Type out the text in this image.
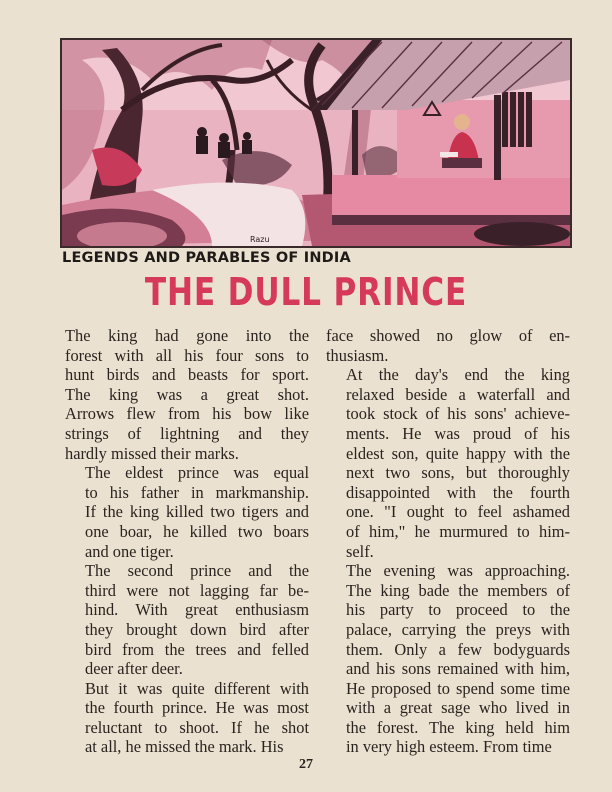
Razu
LEGENDS AND PARABLES OF INDIA
THE DULL PRINCE

The king had gone into the
forest with all his four sons to
hunt birds and beasts for sport.
The king was a great shot.
Arrows flew from his bow like
strings of lightning and they
hardly missed their marks.

The eldest prince was equal
to his father in markmanship.
If the king killed two tigers and
one boar, he killed two boars
and one tiger.

The second prince and the
third were not lagging far be-
hind. With great enthusiasm
they brought down bird after
bird from the trees and felled
deer after deer.

But it was quite different with
the fourth prince. He was most
reluctant to shoot. If he shot
at all, he missed the mark. His

face showed no glow of en-
thusiasm.

At the day's end the king
relaxed beside a waterfall and
took stock of his sons' achieve-
ments. He was proud of his
eldest son, quite happy with the
next two sons, but thoroughly
disappointed with the fourth
one. "I ought to feel ashamed
of him," he murmured to him-
self.

The evening was approaching.
The king bade the members of
his party to proceed to the
palace, carrying the preys with
them. Only a few bodyguards
and his sons remained with him,
He proposed to spend some time
with a great sage who lived in
the forest. The king held him
in very high esteem. From time

27
